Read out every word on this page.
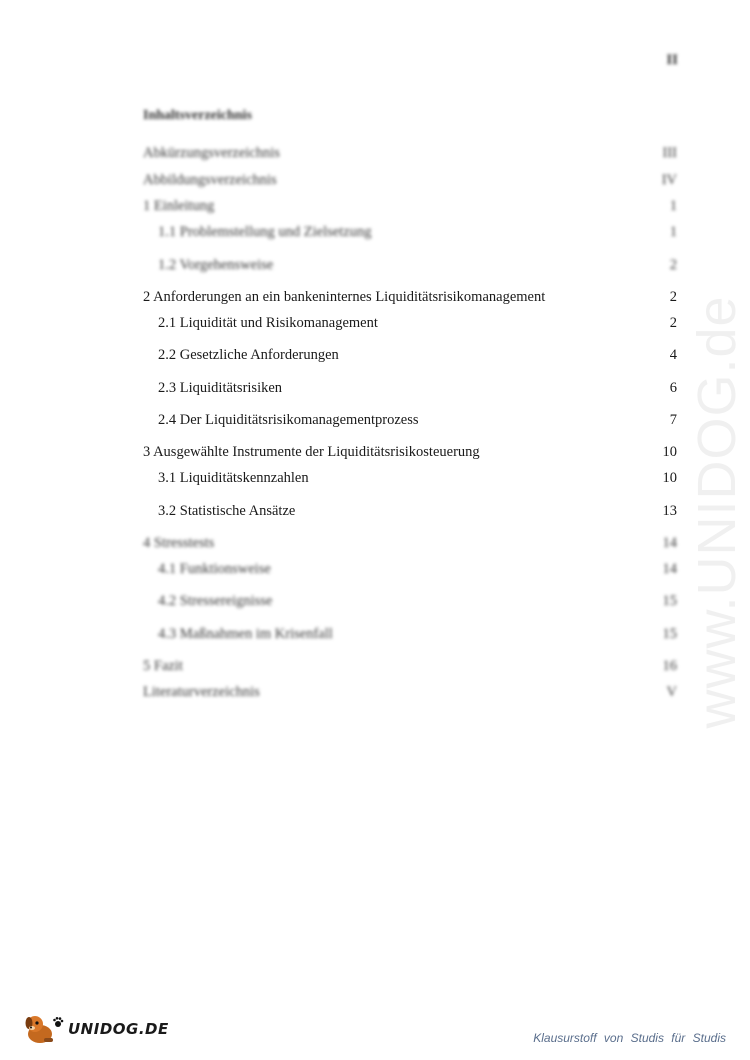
II
Inhaltsverzeichnis
Abkürzungsverzeichnis	III
Abbildungsverzeichnis	IV
1 Einleitung	1
1.1 Problemstellung und Zielsetzung	1
1.2 Vorgehensweise	2
2 Anforderungen an ein bankeninternes Liquiditätsrisikomanagement	2
2.1 Liquidität und Risikomanagement	2
2.2 Gesetzliche Anforderungen	4
2.3 Liquiditätsrisiken	6
2.4 Der Liquiditätsrisikomanagementprozess	7
3 Ausgewählte Instrumente der Liquiditätsrisikosteuerung	10
3.1 Liquiditätskennzahlen	10
3.2 Statistische Ansätze	13
4 Stresstests	14
4.1 Funktionsweise	14
4.2 Stressereignisse	15
4.3 Maßnahmen im Krisenfall	15
5 Fazit	16
Literaturverzeichnis	V www.UNIDOG.de
UNIDOG.DE	Klausurstoff von Studis für Studis
